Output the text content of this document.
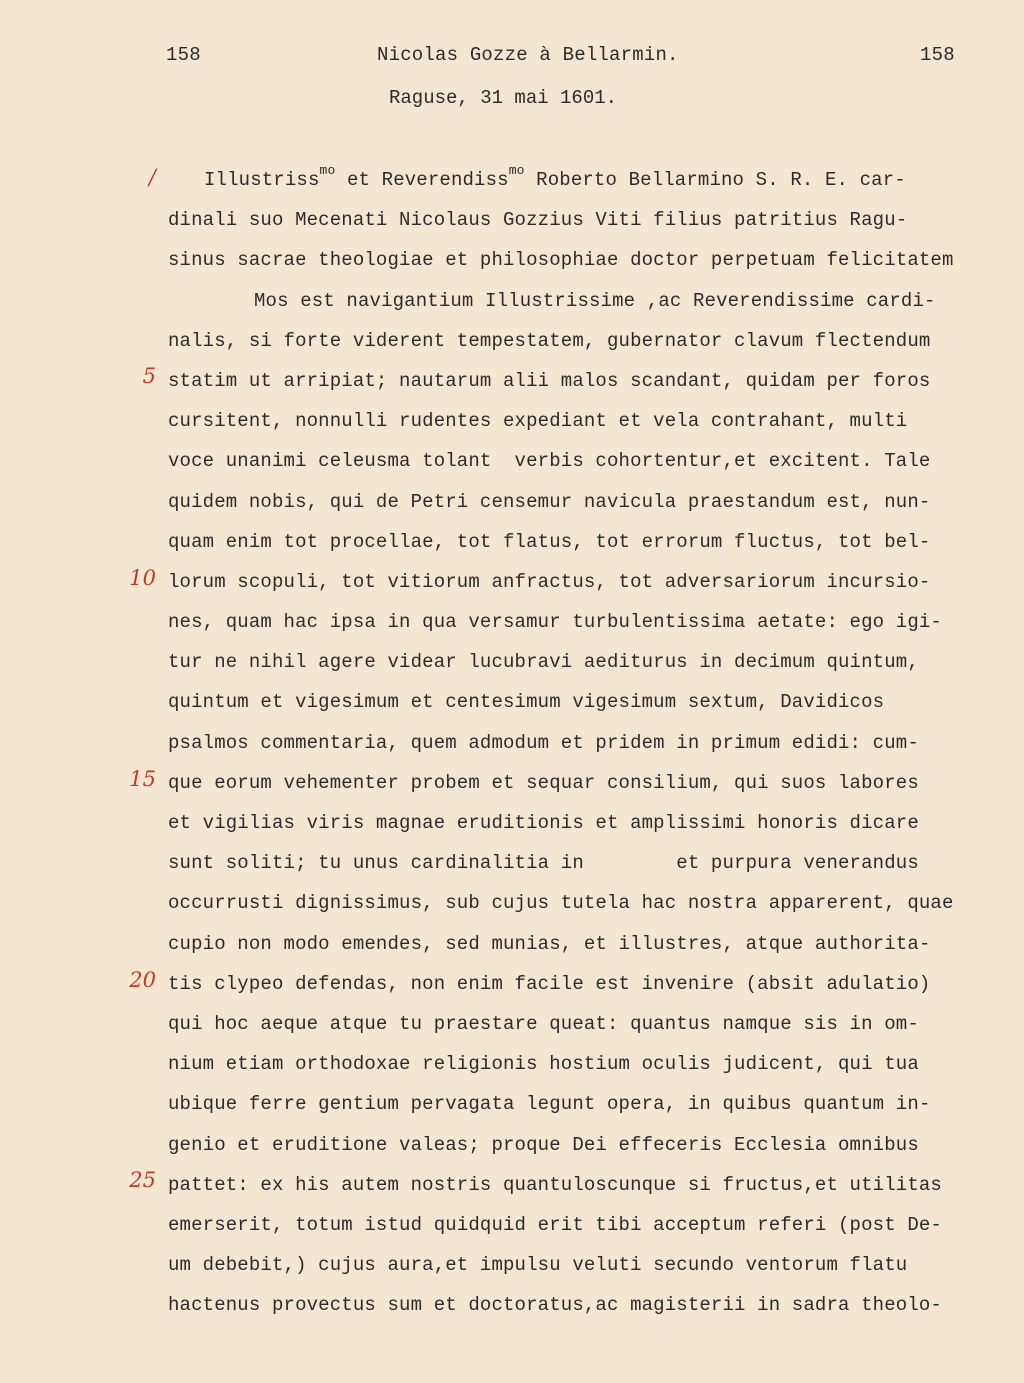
158	Nicolas Gozze à Bellarmin.	158
Raguse, 31 mai 1601.
/
5
10
15
20
25
Illustriss$^{mo}$ et Reverendiss$^{mo}$ Roberto Bellarmino S. R. E. car-
dinali suo Mecenati Nicolaus Gozzius Viti filius patritius Ragu-
sinus sacrae theologiae et philosophiae doctor perpetuam felicitatem
Mos est navigantium Illustrissime ,ac Reverendissime cardi-
nalis, si forte viderent tempestatem, gubernator clavum flectendum
statim ut arripiat; nautarum alii malos scandant, quidam per foros
cursitent, nonnulli rudentes expediant et vela contrahant, multi
voce unanimi celeusma tolant  verbis cohortentur,et excitent. Tale
quidem nobis, qui de Petri censemur navicula praestandum est, nun-
quam enim tot procellae, tot flatus, tot errorum fluctus, tot bel-
lorum scopuli, tot vitiorum anfractus, tot adversariorum incursio-
nes, quam hac ipsa in qua versamur turbulentissima aetate: ego igi-
tur ne nihil agere videar lucubravi aediturus in decimum quintum,
quintum et vigesimum et centesimum vigesimum sextum, Davidicos
psalmos commentaria, quem admodum et pridem in primum edidi: cum-
que eorum vehementer probem et sequar consilium, qui suos labores
et vigilias viris magnae eruditionis et amplissimi honoris dicare
sunt soliti; tu unus cardinalitia in        et purpura venerandus
occurrusti dignissimus, sub cujus tutela hac nostra apparerent, quae
cupio non modo emendes, sed munias, et illustres, atque authorita-
tis clypeo defendas, non enim facile est invenire (absit adulatio)
qui hoc aeque atque tu praestare queat: quantus namque sis in om-
nium etiam orthodoxae religionis hostium oculis judicent, qui tua
ubique ferre gentium pervagata legunt opera, in quibus quantum in-
genio et eruditione valeas; proque Dei effeceris Ecclesia omnibus
pattet: ex his autem nostris quantuloscunque si fructus,et utilitas
emerserit, totum istud quidquid erit tibi acceptum referi (post De-
um debebit,) cujus aura,et impulsu veluti secundo ventorum flatu
hactenus provectus sum et doctoratus,ac magisterii in sadra theolo-
